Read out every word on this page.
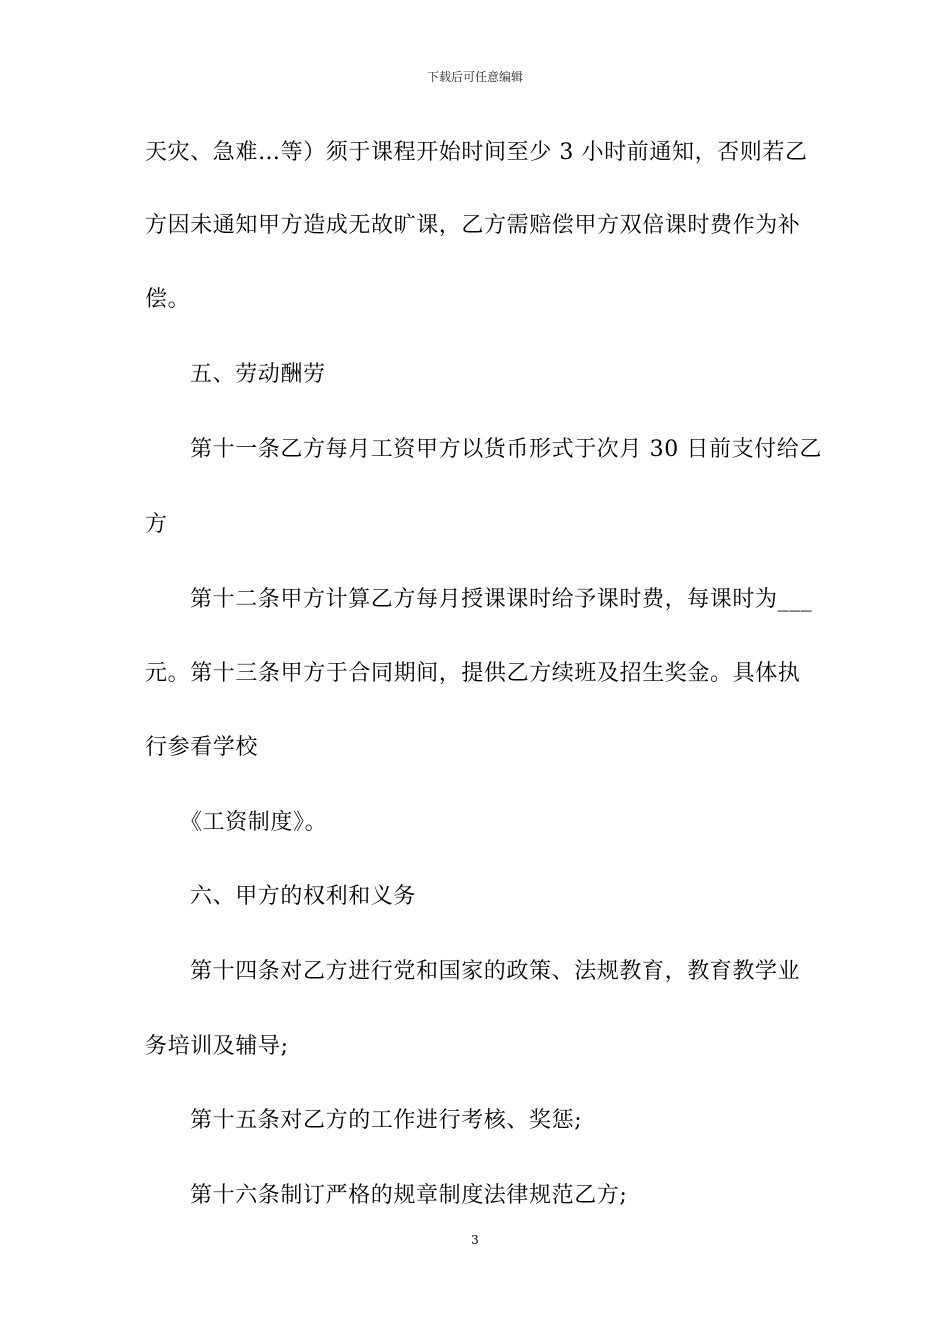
下载后可任意编辑
天灾、急难…等）须于课程开始时间至少 3 小时前通知，否则若乙
方因未通知甲方造成无故旷课，乙方需赔偿甲方双倍课时费作为补
偿。
五、劳动酬劳
第十一条乙方每月工资甲方以货币形式于次月 30 日前支付给乙
方
第十二条甲方计算乙方每月授课课时给予课时费，每课时为___
元。第十三条甲方于合同期间，提供乙方续班及招生奖金。具体执
行参看学校
《工资制度》。
六、甲方的权利和义务
第十四条对乙方进行党和国家的政策、法规教育，教育教学业
务培训及辅导;
第十五条对乙方的工作进行考核、奖惩;
第十六条制订严格的规章制度法律规范乙方;
3
